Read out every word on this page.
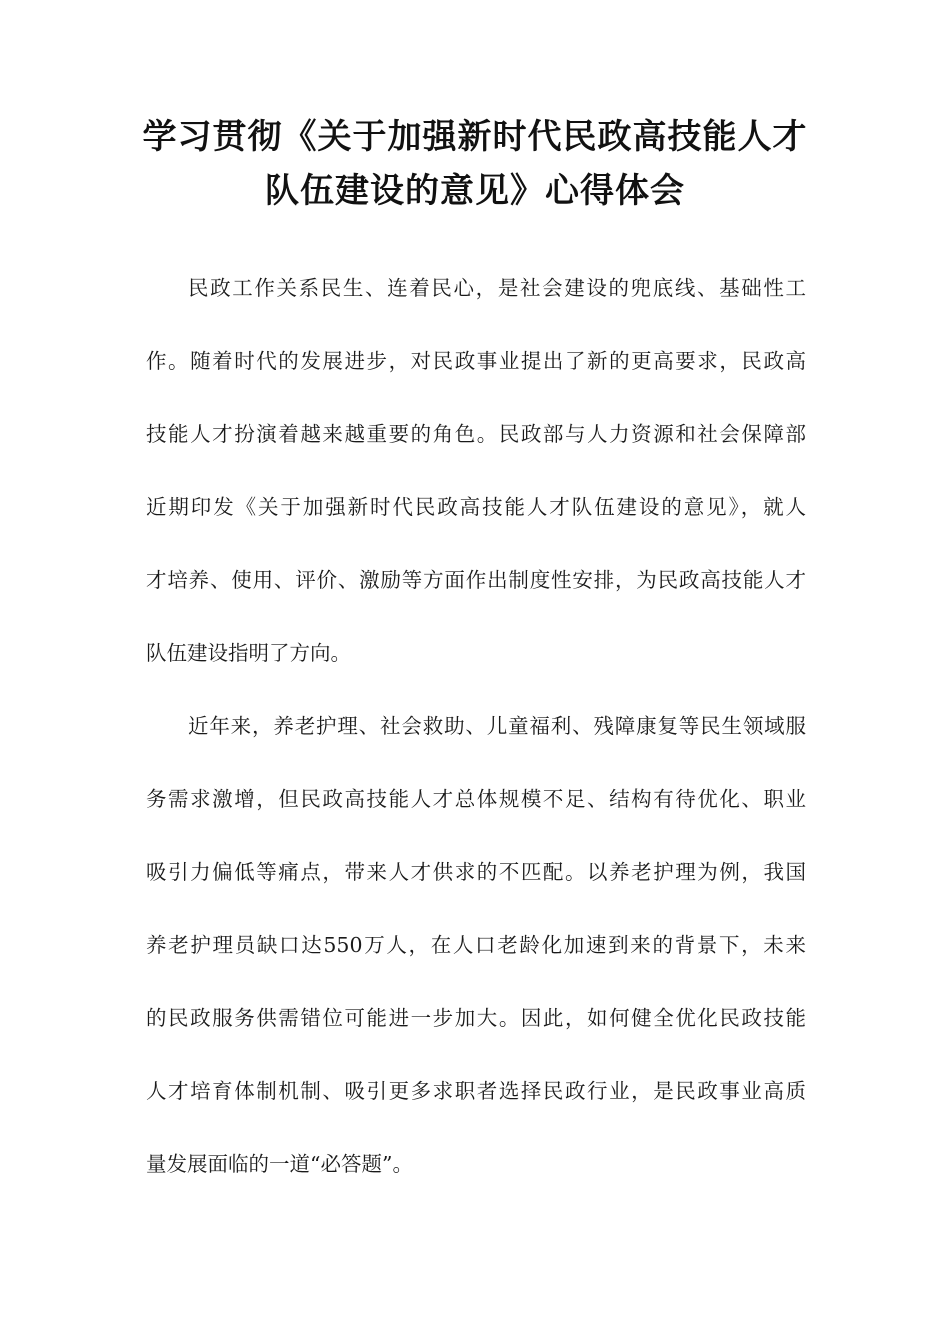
学习贯彻《关于加强新时代民政高技能人才
队伍建设的意见》心得体会
民政工作关系民生、连着民心，是社会建设的兜底线、基础性工
作。随着时代的发展进步，对民政事业提出了新的更高要求，民政高
技能人才扮演着越来越重要的角色。民政部与人力资源和社会保障部
近期印发《关于加强新时代民政高技能人才队伍建设的意见》，就人
才培养、使用、评价、激励等方面作出制度性安排，为民政高技能人才
队伍建设指明了方向。
近年来，养老护理、社会救助、儿童福利、残障康复等民生领域服
务需求激增，但民政高技能人才总体规模不足、结构有待优化、职业
吸引力偏低等痛点，带来人才供求的不匹配。以养老护理为例，我国
养老护理员缺口达550万人，在人口老龄化加速到来的背景下，未来
的民政服务供需错位可能进一步加大。因此，如何健全优化民政技能
人才培育体制机制、吸引更多求职者选择民政行业，是民政事业高质
量发展面临的一道“必答题”。
